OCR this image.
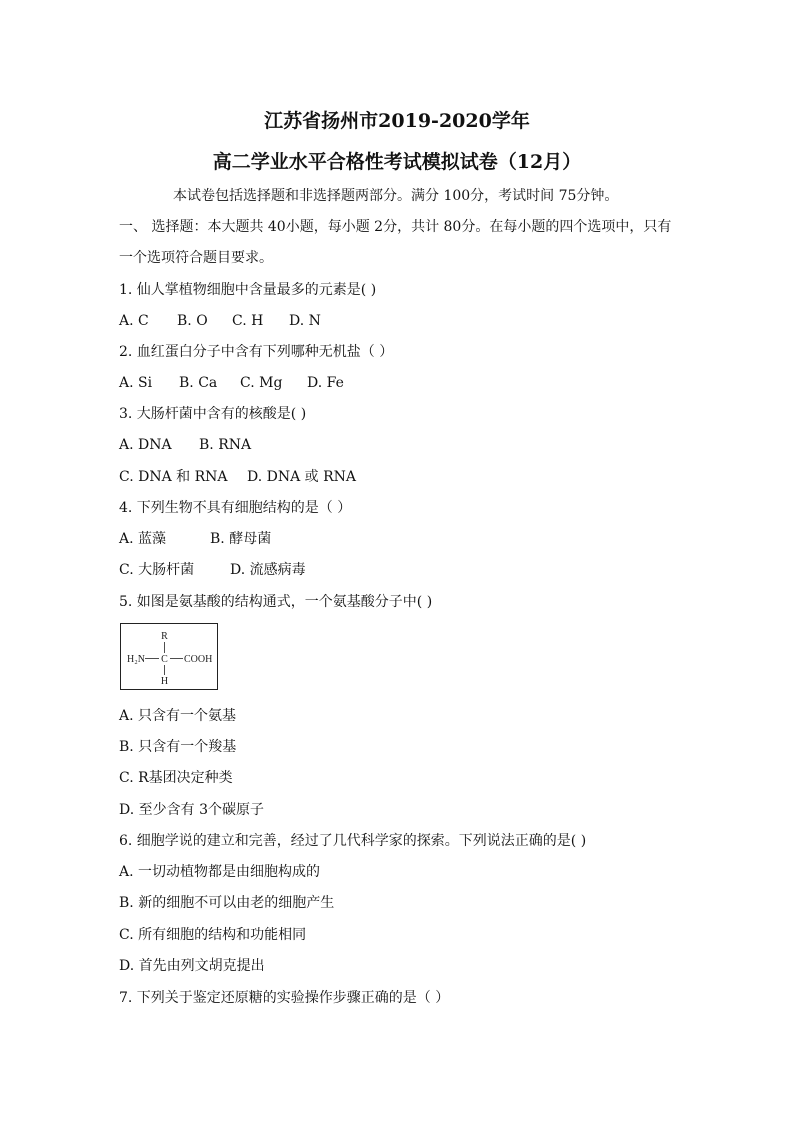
江苏省扬州市2019-2020学年
高二学业水平合格性考试模拟试卷（12月）
本试卷包括选择题和非选择题两部分。满分 100分，考试时间 75分钟。
一、 选择题：本大题共 40小题，每小题 2分，共计 80分。在每小题的四个选项中，只有
一个选项符合题目要求。
1. 仙人掌植物细胞中含量最多的元素是( )
A. C B. O C. H D. N
2. 血红蛋白分子中含有下列哪种无机盐（ ）
A. Si B. Ca C. Mg D. Fe
3. 大肠杆菌中含有的核酸是( )
A. DNA B. RNA
C. DNA 和 RNA D. DNA 或 RNA
4. 下列生物不具有细胞结构的是（ ）
A. 蓝藻	B. 酵母菌
C. 大肠杆菌	D. 流感病毒
5. 如图是氨基酸的结构通式，一个氨基酸分子中( )
R
H₂N C COOH
H
A. 只含有一个氨基
B. 只含有一个羧基
C. R基团决定种类
D. 至少含有 3个碳原子
6. 细胞学说的建立和完善，经过了几代科学家的探索。下列说法正确的是( )
A. 一切动植物都是由细胞构成的
B. 新的细胞不可以由老的细胞产生
C. 所有细胞的结构和功能相同
D. 首先由列文胡克提出
7. 下列关于鉴定还原糖的实验操作步骤正确的是（ ）
